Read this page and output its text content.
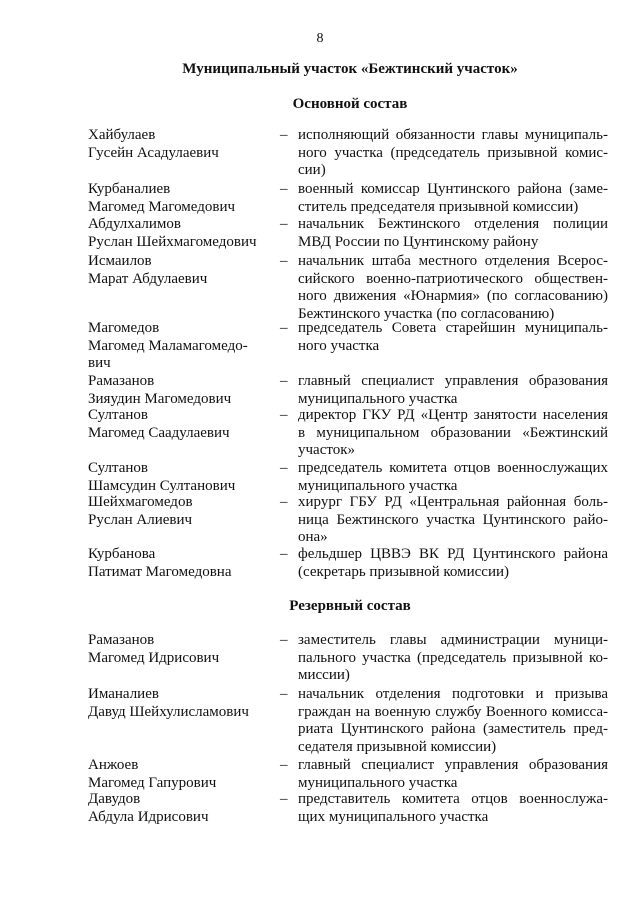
8
Муниципальный участок «Бежтинский участок»
Основной состав
Хайбулаев
Гусейн Асадулаевич
– исполняющий обязанности главы муниципаль-
ного участка (председатель призывной комис-
сии)
Курбаналиев
Магомед Магомедович
– военный комиссар Цунтинского района (заме-
ститель председателя призывной комиссии)
Абдулхалимов
Руслан Шейхмагомедович
– начальник Бежтинского отделения полиции
МВД России по Цунтинскому району
Исмаилов
Марат Абдулаевич
– начальник штаба местного отделения Всерос-
сийского военно-патриотического обществен-
ного движения «Юнармия» (по согласованию)
Бежтинского участка (по согласованию)
Магомедов
Магомед Маламагомедо-
вич
– председатель Совета старейшин муниципаль-
ного участка
Рамазанов
Зияудин Магомедович
– главный специалист управления образования
муниципального участка
Султанов
Магомед Саадулаевич
– директор ГКУ РД «Центр занятости населения
в муниципальном образовании «Бежтинский
участок»
Султанов
Шамсудин Султанович
– председатель комитета отцов военнослужащих
муниципального участка
Шейхмагомедов
Руслан Алиевич
– хирург ГБУ РД «Центральная районная боль-
ница Бежтинского участка Цунтинского райо-
она»
Курбанова
Патимат Магомедовна
– фельдшер ЦВВЭ ВК РД Цунтинского района
(секретарь призывной комиссии)
Резервный состав
Рамазанов
Магомед Идрисович
– заместитель главы администрации муници-
пального участка (председатель призывной ко-
миссии)
Иманалиев
Давуд Шейхулисламович
– начальник отделения подготовки и призыва
граждан на военную службу Военного комисса-
риата Цунтинского района (заместитель пред-
седателя призывной комиссии)
Анжоев
Магомед Гапурович
– главный специалист управления образования
муниципального участка
Давудов
Абдула Идрисович
– представитель комитета отцов военнослужа-
щих муниципального участка
